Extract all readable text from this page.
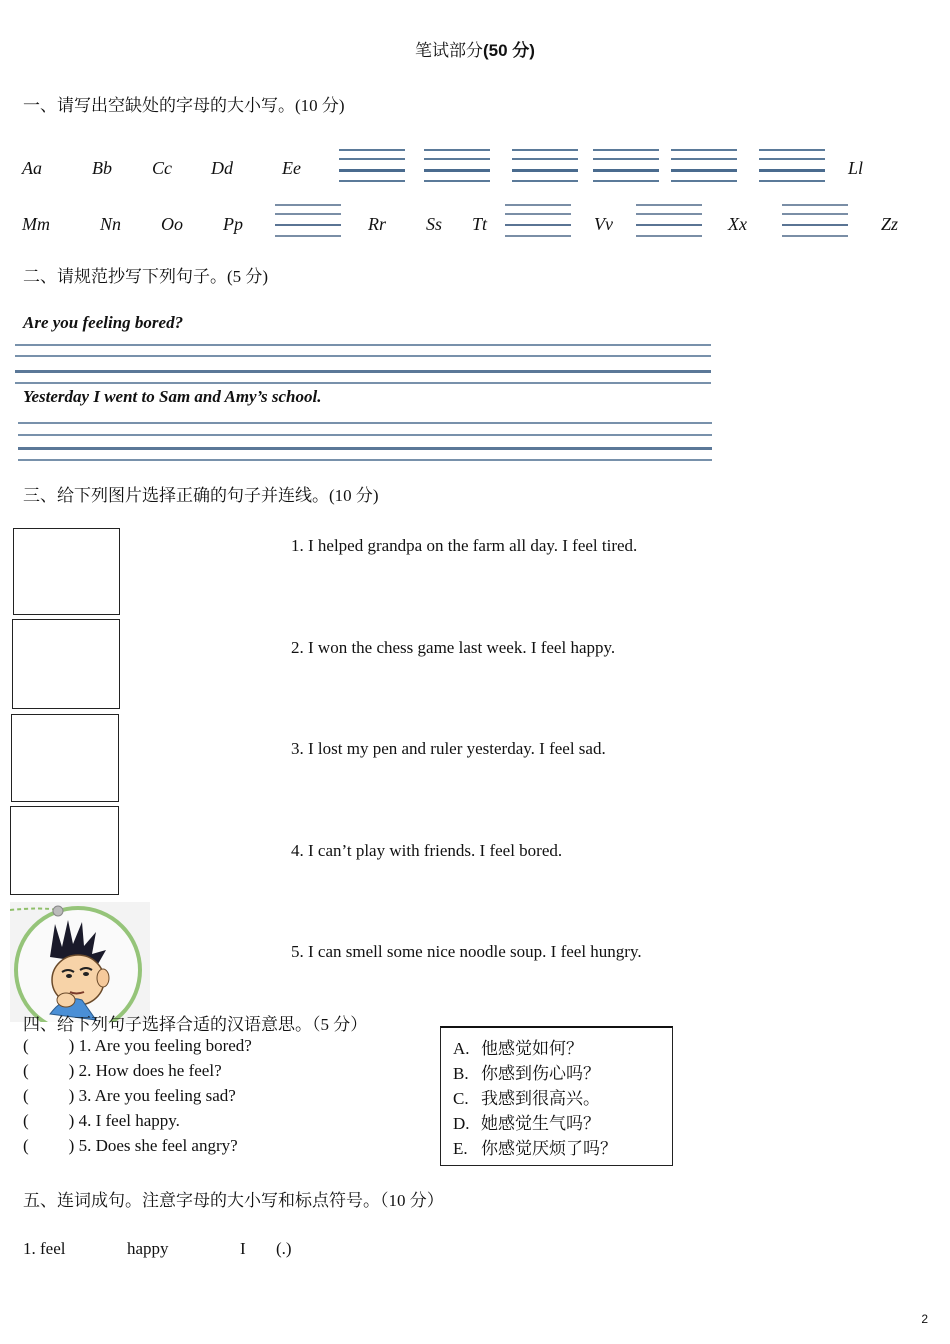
笔试部分(50 分)
一、请写出空缺处的字母的大小写。(10 分)
Aa	Bb Cc Dd	Ee	Ll
Mm	Nn Oo Pp	Rr Ss Tt	Vv	Xx	Zz
二、请规范抄写下列句子。(5 分)
Are you feeling bored?
Yesterday I went to Sam and Amy’s school.
三、给下列图片选择正确的句子并连线。(10 分)
1. I helped grandpa on the farm all day. I feel tired.
2. I won the chess game last week. I feel happy.
3. I lost my pen and ruler yesterday. I feel sad.
4. I can’t play with friends. I feel bored.
5. I can smell some nice noodle soup. I feel hungry.
四、给下列句子选择合适的汉语意思。（5 分）
( ) 1. Are you feeling bored?
( ) 2. How does he feel?
( ) 3. Are you feeling sad?
( ) 4. I feel happy.
( ) 5. Does she feel angry?
A. 他感觉如何？
B. 你感到伤心吗？
C. 我感到很高兴。
D. 她感觉生气吗？
E. 你感觉厌烦了吗？
五、连词成句。注意字母的大小写和标点符号。（10 分）
1. feel	happy	I (.)
2
